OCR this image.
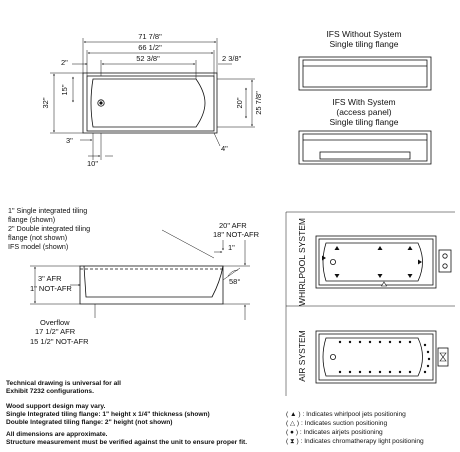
71 7/8"
66 1/2"
52 3/8"
2"	2 3/8"
32"
15"
20" 25 7/8"
3"
10"
4"
IFS Without System
Single tiling flange
IFS With System
(access panel)
Single tiling flange
20" AFR
18" NOT-AFR
1"
58°
3" AFR
1" NOT-AFR
Overflow
17 1/2" AFR
15 1/2" NOT-AFR
WHIRLPOOL SYSTEM
AIR SYSTEM
1" Single integrated tiling
flange (shown)
2" Double integrated tiling
flange (not shown)
IFS model (shown)
Technical drawing is universal for all
Exhibit 7232 configurations.
Wood support design may vary.
Single Integrated tiling flange: 1" height x 1/4" thickness (shown)
Double Integrated tiling flange: 2" height (not shown)
All dimensions are approximate.
Structure measurement must be verified against the unit to ensure proper fit.
( ▲ ) : Indicates whirlpool jets positioning
( △ ) : Indicates suction positioning
( ● ) : Indicates airjets positioning
( ⧗ ) : Indicates chromatherapy light positioning
